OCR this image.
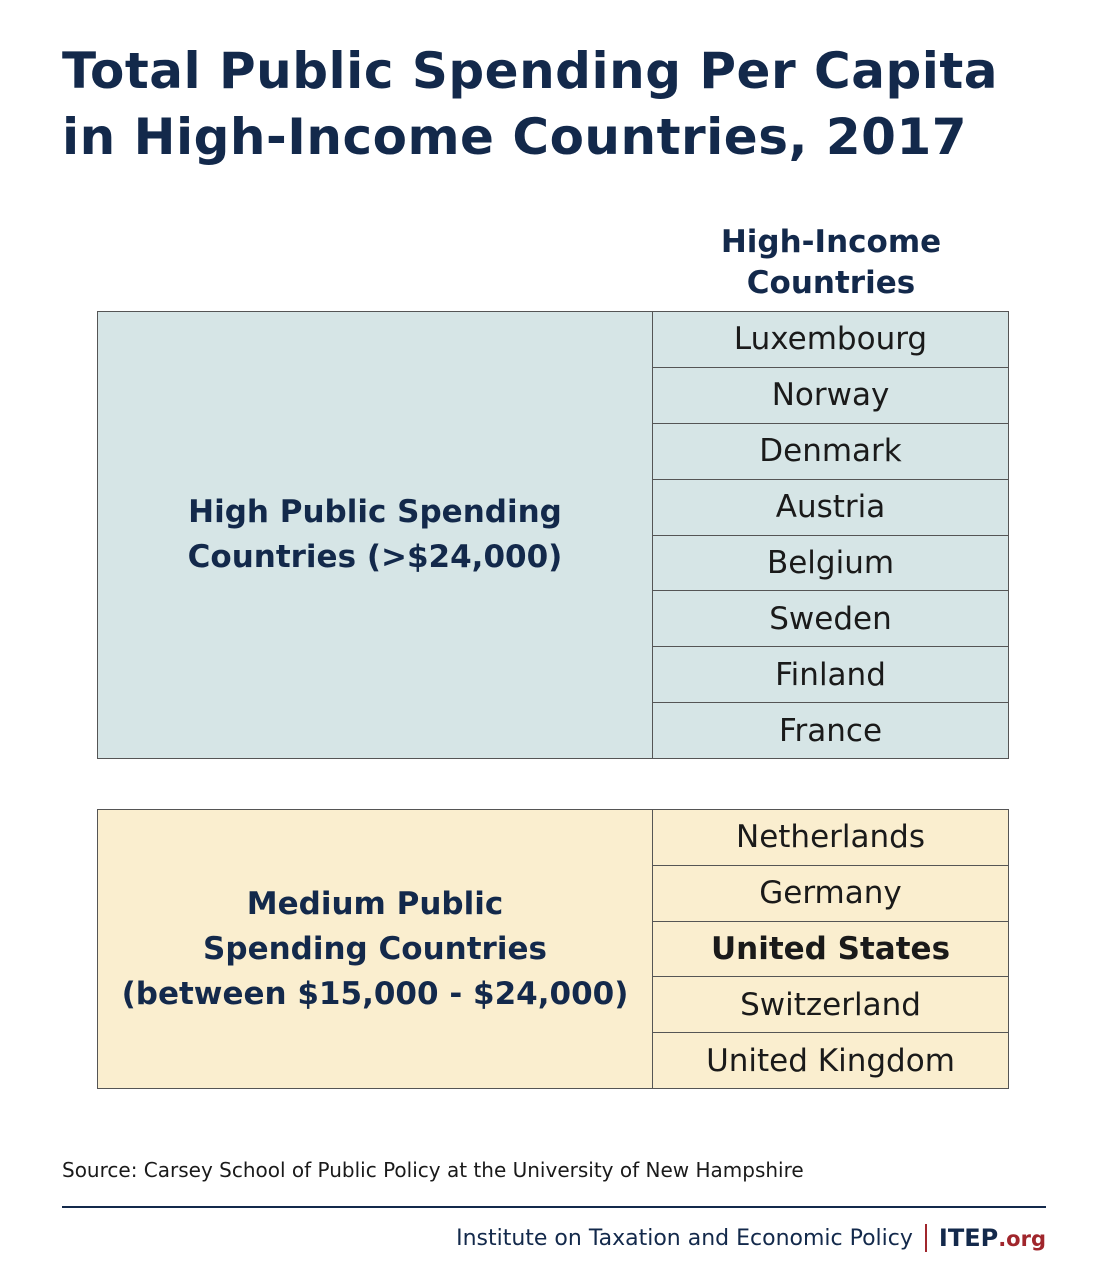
Total Public Spending Per Capita in High-Income Countries, 2017
High-Income
Countries
High Public Spending
Countries (>$24,000)
Luxembourg
Norway
Denmark
Austria
Belgium
Sweden
Finland
France
Medium Public
Spending Countries
(between $15,000 - $24,000)
Netherlands
Germany
United States
Switzerland
United Kingdom
Source: Carsey School of Public Policy at the University of New Hampshire
Institute on Taxation and Economic Policy ITEP.org
